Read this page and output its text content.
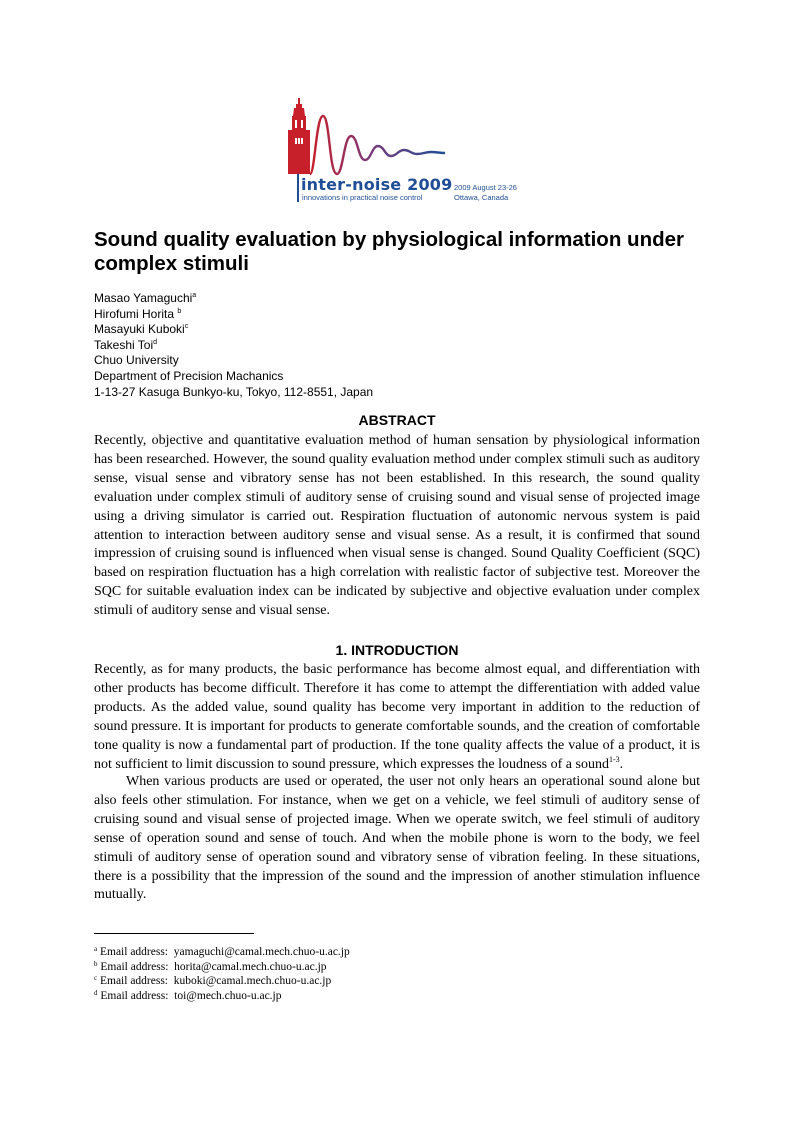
inter-noise 2009
innovations in practical noise control
2009 August 23-26
Ottawa, Canada
Sound quality evaluation by physiological information under complex stimuli
Masao Yamaguchi$^a$
Hirofumi Horita $^b$
Masayuki Kuboki$^c$
Takeshi Toi$^d$
Chuo University
Department of Precision Machanics
1-13-27 Kasuga Bunkyo-ku, Tokyo, 112-8551, Japan
ABSTRACT

Recently, objective and quantitative evaluation method of human sensation by physiological information has been researched. However, the sound quality evaluation method under complex stimuli such as auditory sense, visual sense and vibratory sense has not been established. In this research, the sound quality evaluation under complex stimuli of auditory sense of cruising sound and visual sense of projected image using a driving simulator is carried out. Respiration fluctuation of autonomic nervous system is paid attention to interaction between auditory sense and visual sense. As a result, it is confirmed that sound impression of cruising sound is influenced when visual sense is changed. Sound Quality Coefficient (SQC) based on respiration fluctuation has a high correlation with realistic factor of subjective test. Moreover the SQC for suitable evaluation index can be indicated by subjective and objective evaluation under complex stimuli of auditory sense and visual sense.

1. INTRODUCTION

Recently, as for many products, the basic performance has become almost equal, and differentiation with other products has become difficult. Therefore it has come to attempt the differentiation with added value products. As the added value, sound quality has become very important in addition to the reduction of sound pressure. It is important for products to generate comfortable sounds, and the creation of comfortable tone quality is now a fundamental part of production. If the tone quality affects the value of a product, it is not sufficient to limit discussion to sound pressure, which expresses the loudness of a sound$^{1-3}$.

When various products are used or operated, the user not only hears an operational sound alone but also feels other stimulation. For instance, when we get on a vehicle, we feel stimuli of auditory sense of cruising sound and visual sense of projected image. When we operate switch, we feel stimuli of auditory sense of operation sound and sense of touch. And when the mobile phone is worn to the body, we feel stimuli of auditory sense of operation sound and vibratory sense of vibration feeling. In these situations, there is a possibility that the impression of the sound and the impression of another stimulation influence mutually.

$^a$ Email address: yamaguchi@camal.mech.chuo-u.ac.jp
$^b$ Email address: horita@camal.mech.chuo-u.ac.jp
$^c$ Email address: kuboki@camal.mech.chuo-u.ac.jp
$^d$ Email address: toi@mech.chuo-u.ac.jp
